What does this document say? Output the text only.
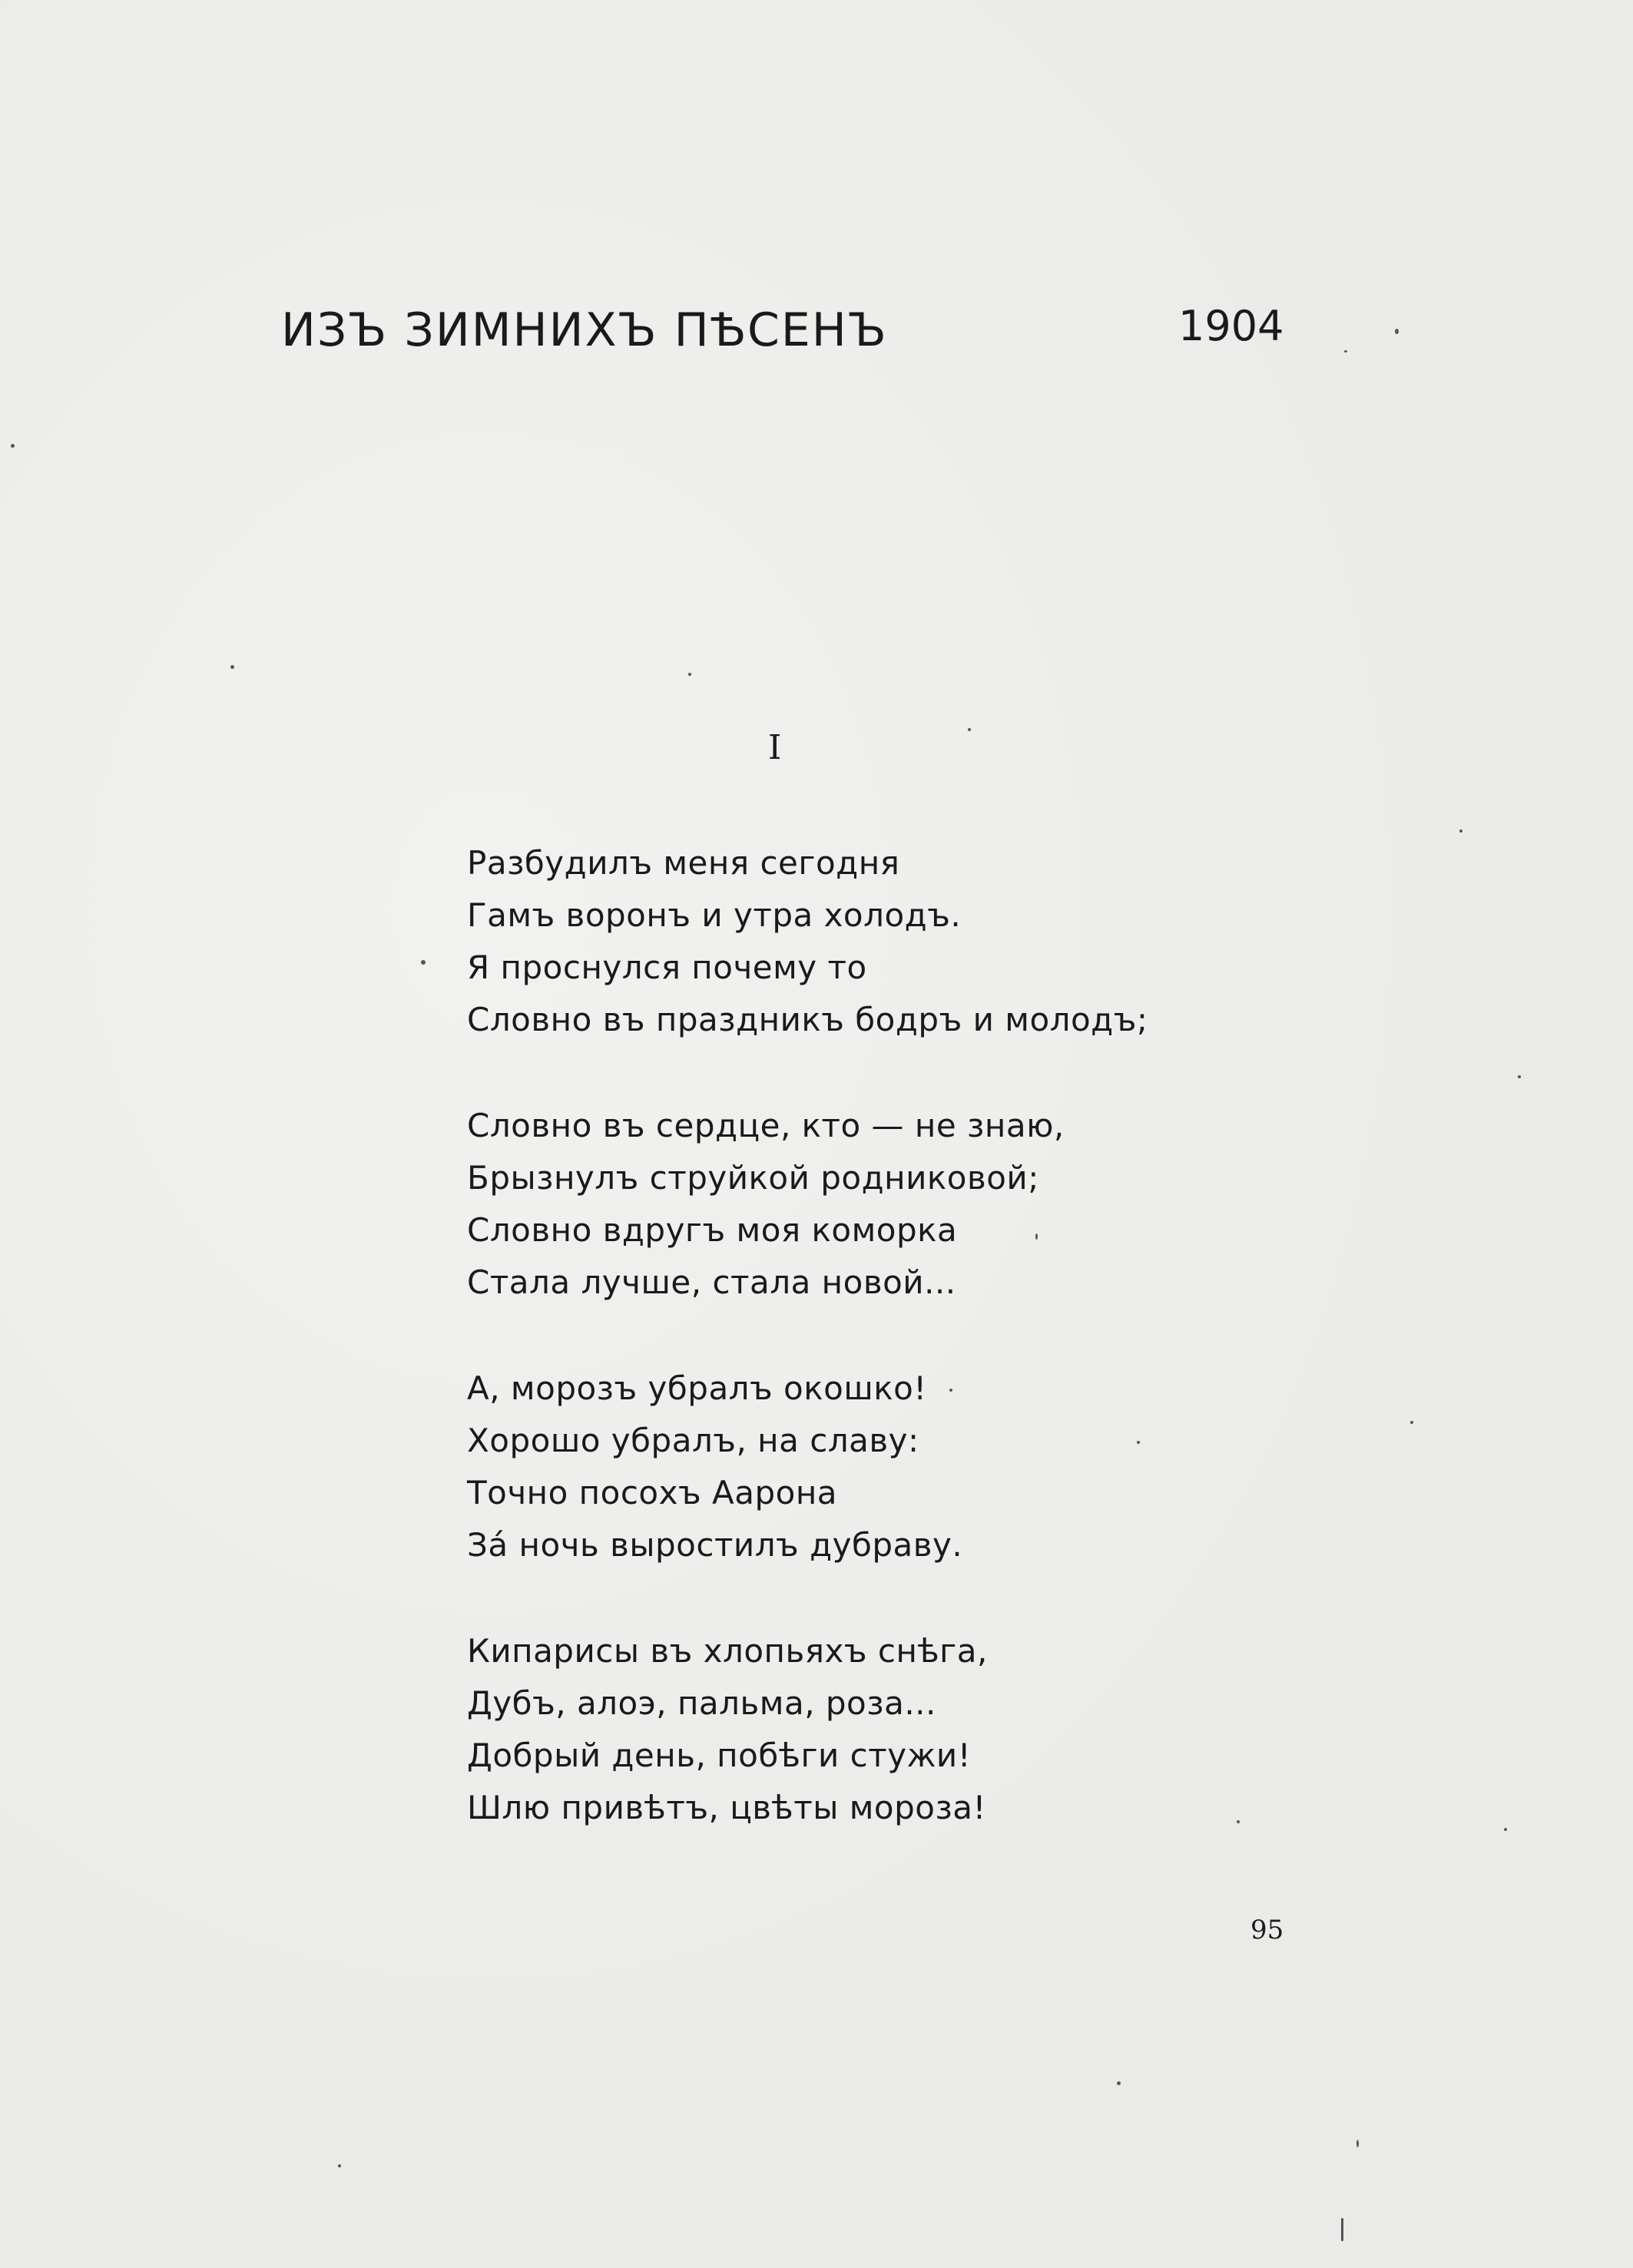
ИЗЪ ЗИМНИХЪ ПѢСЕНЪ	1904
I
Разбудилъ меня сегодня
Гамъ воронъ и утра холодъ.
Я проснулся почему то
Словно въ праздникъ бодръ и молодъ;
Словно въ сердце, кто — не знаю,
Брызнулъ струйкой родниковой;
Словно вдругъ моя коморка
Стала лучше, стала новой...
А, морозъ убралъ окошко!
Хорошо убралъ, на славу:
Точно посохъ Аарона
За́ ночь выростилъ дубраву.
Кипарисы въ хлопьяхъ снѣга,
Дубъ, алоэ, пальма, роза...
Добрый день, побѣги стужи!
Шлю привѣтъ, цвѣты мороза!
95
